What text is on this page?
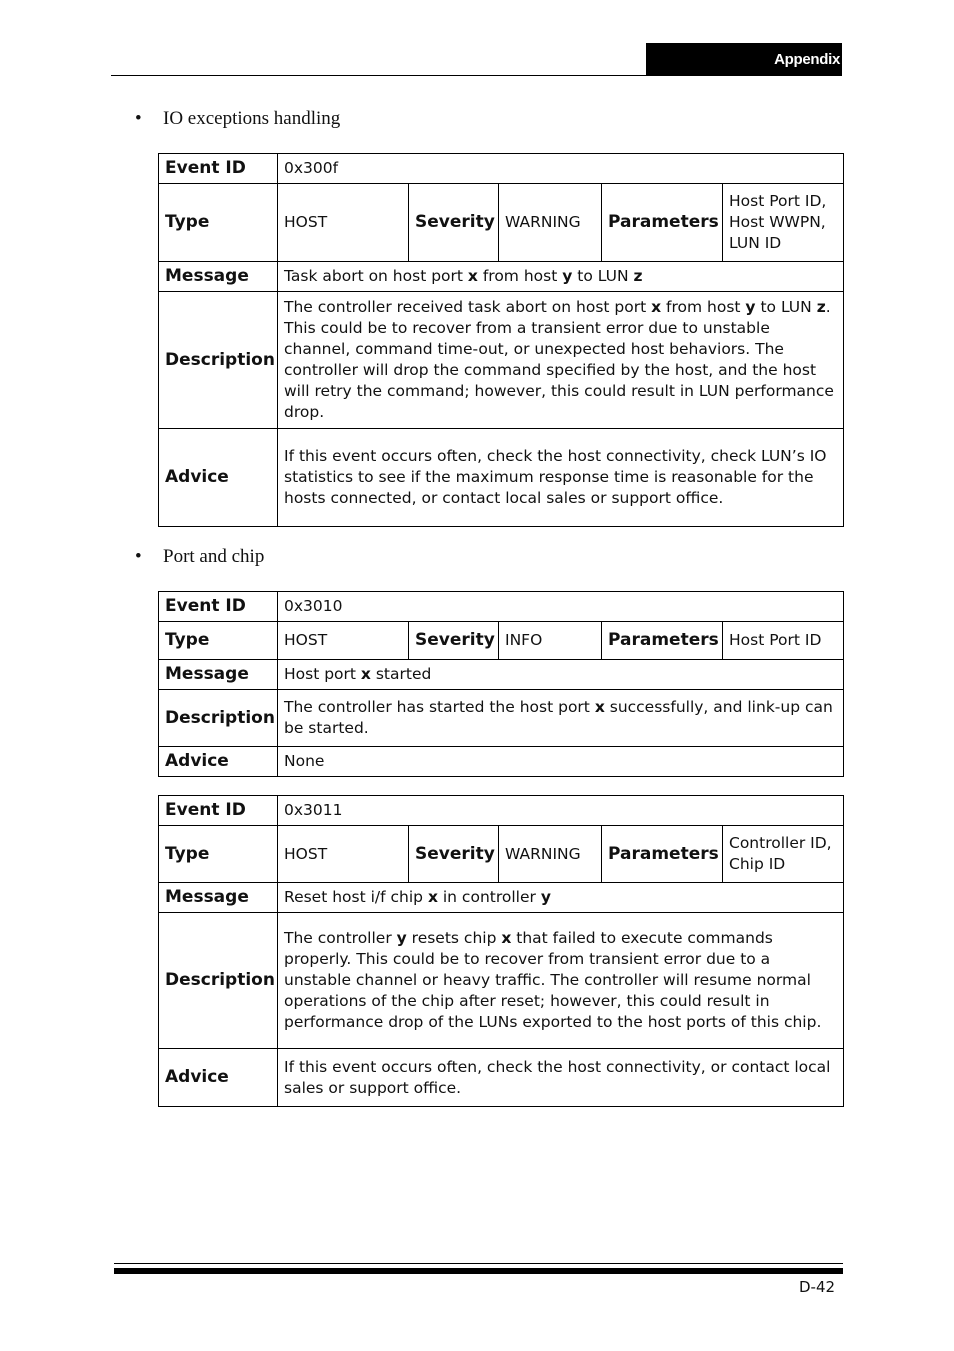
Appendix
• IO exceptions handling
• Port and chip
Event ID	0x300f				
Type	HOST	Severity	WARNING	Parameters	Host Port ID, Host WWPN, LUN ID
Message	Task abort on host port x from host y to LUN z				
Description	The controller received task abort on host port x from host y to LUN z. This could be to recover from a transient error due to unstable channel, command time-out, or unexpected host behaviors. The controller will drop the command specified by the host, and the host will retry the command; however, this could result in LUN performance drop.				
Advice	If this event occurs often, check the host connectivity, check LUN’s IO statistics to see if the maximum response time is reasonable for the hosts connected, or contact local sales or support office.				
Event ID	0x3010				
Type	HOST	Severity	INFO	Parameters	Host Port ID
Message	Host port x started				
Description	The controller has started the host port x successfully, and link-up can be started.				
Advice	None				
Event ID	0x3011				
Type	HOST	Severity	WARNING	Parameters	Controller ID, Chip ID
Message	Reset host i/f chip x in controller y				
Description	The controller y resets chip x that failed to execute commands properly. This could be to recover from transient error due to a unstable channel or heavy traffic. The controller will resume normal operations of the chip after reset; however, this could result in performance drop of the LUNs exported to the host ports of this chip.				
Advice	If this event occurs often, check the host connectivity, or contact local sales or support office.				
D-42
